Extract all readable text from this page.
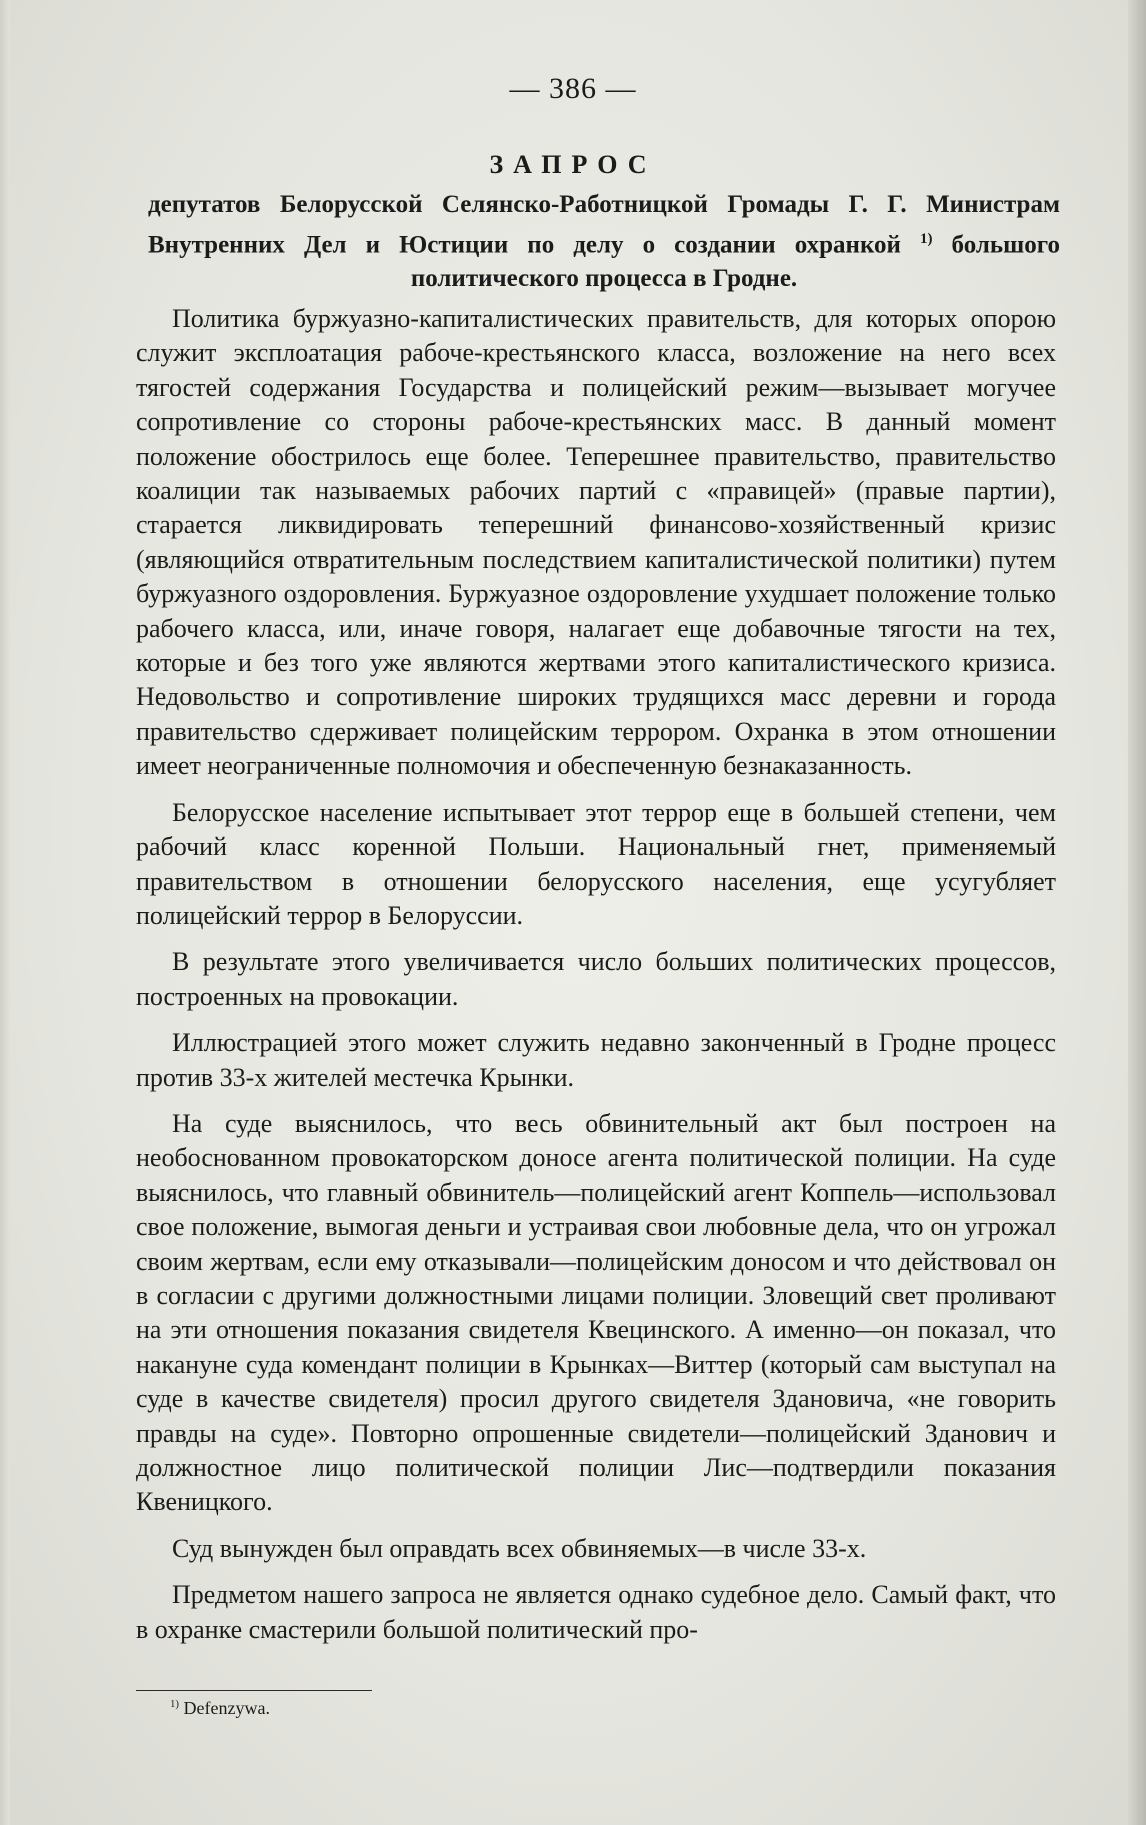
— 386 —
ЗАПРОС
депутатов Белорусской Селянско-Работницкой Громады Г. Г. Министрам Внутренних Дел и Юстиции по делу о создании охранкой $^{1)}$ большого политического процесса в Гродне.

Политика буржуазно-капиталистических правительств, для которых опорою служит эксплоатация рабоче-крестьянского класса, возложение на него всех тягостей содержания Государства и полицейский режим—вызывает могучее сопротивление со стороны рабоче-крестьянских масс. В данный момент положение обострилось еще более. Теперешнее правительство, правительство коалиции так называемых рабочих партий с «правицей» (правые партии), старается ликвидировать теперешний финансово-хозяйственный кризис (являющийся отвратительным последствием капиталистической политики) путем буржуазного оздоровления. Буржуазное оздоровление ухудшает положение только рабочего класса, или, иначе говоря, налагает еще добавочные тягости на тех, которые и без того уже являются жертвами этого капиталистического кризиса. Недовольство и сопротивление широких трудящихся масс деревни и города правительство сдерживает полицейским террором. Охранка в этом отношении имеет неограниченные полномочия и обеспеченную безнаказанность.

Белорусское население испытывает этот террор еще в большей степени, чем рабочий класс коренной Польши. Национальный гнет, применяемый правительством в отношении белорусского населения, еще усугубляет полицейский террор в Белоруссии.

В результате этого увеличивается число больших политических процессов, построенных на провокации.

Иллюстрацией этого может служить недавно законченный в Гродне процесс против 33-х жителей местечка Крынки.

На суде выяснилось, что весь обвинительный акт был построен на необоснованном провокаторском доносе агента политической полиции. На суде выяснилось, что главный обвинитель—полицейский агент Коппель—использовал свое положение, вымогая деньги и устраивая свои любовные дела, что он угрожал своим жертвам, если ему отказывали—полицейским доносом и что действовал он в согласии с другими должностными лицами полиции. Зловещий свет проливают на эти отношения показания свидетеля Квецинского. А именно—он показал, что накануне суда комендант полиции в Крынках—Виттер (который сам выступал на суде в качестве свидетеля) просил другого свидетеля Здановича, «не говорить правды на суде». Повторно опрошенные свидетели—полицейский Зданович и должностное лицо политической полиции Лис—подтвердили показания Квеницкого.

Суд вынужден был оправдать всех обвиняемых—в числе 33-х.

Предметом нашего запроса не является однако судебное дело. Самый факт, что в охранке смастерили большой политический про-

$^{1)}$ Defenzywa.
